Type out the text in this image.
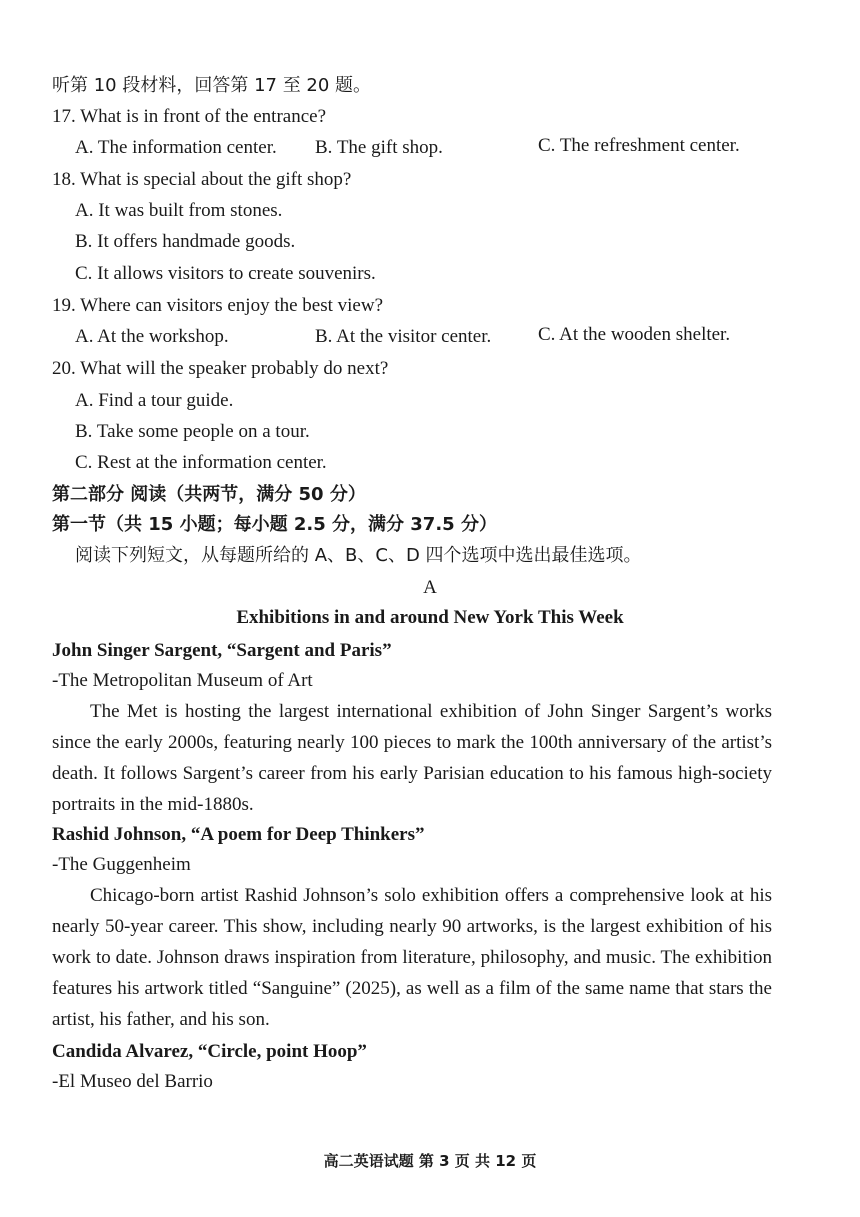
听第 10 段材料，回答第 17 至 20 题。
17. What is in front of the entrance?
A. The information center. B. The gift shop.	C. The refreshment center.
18. What is special about the gift shop?
A. It was built from stones.
B. It offers handmade goods.
C. It allows visitors to create souvenirs.
19. Where can visitors enjoy the best view?
A. At the workshop.	B. At the visitor center. C. At the wooden shelter.
20. What will the speaker probably do next?
A. Find a tour guide.
B. Take some people on a tour.
C. Rest at the information center.
第二部分 阅读（共两节，满分 50 分）
第一节（共 15 小题；每小题 2.5 分，满分 37.5 分）
阅读下列短文，从每题所给的 A、B、C、D 四个选项中选出最佳选项。
A
Exhibitions in and around New York This Week
John Singer Sargent, “Sargent and Paris”
-The Metropolitan Museum of Art
The Met is hosting the largest international exhibition of John Singer Sargent’s works since the early 2000s, featuring nearly 100 pieces to mark the 100th anniversary of the artist’s death. It follows Sargent’s career from his early Parisian education to his famous high-society portraits in the mid-1880s.
Rashid Johnson, “A poem for Deep Thinkers”
-The Guggenheim
Chicago-born artist Rashid Johnson’s solo exhibition offers a comprehensive look at his nearly 50-year career. This show, including nearly 90 artworks, is the largest exhibition of his work to date. Johnson draws inspiration from literature, philosophy, and music. The exhibition features his artwork titled “Sanguine” (2025), as well as a film of the same name that stars the artist, his father, and his son.
Candida Alvarez, “Circle, point Hoop”
-El Museo del Barrio
高二英语试题 第 3 页 共 12 页
